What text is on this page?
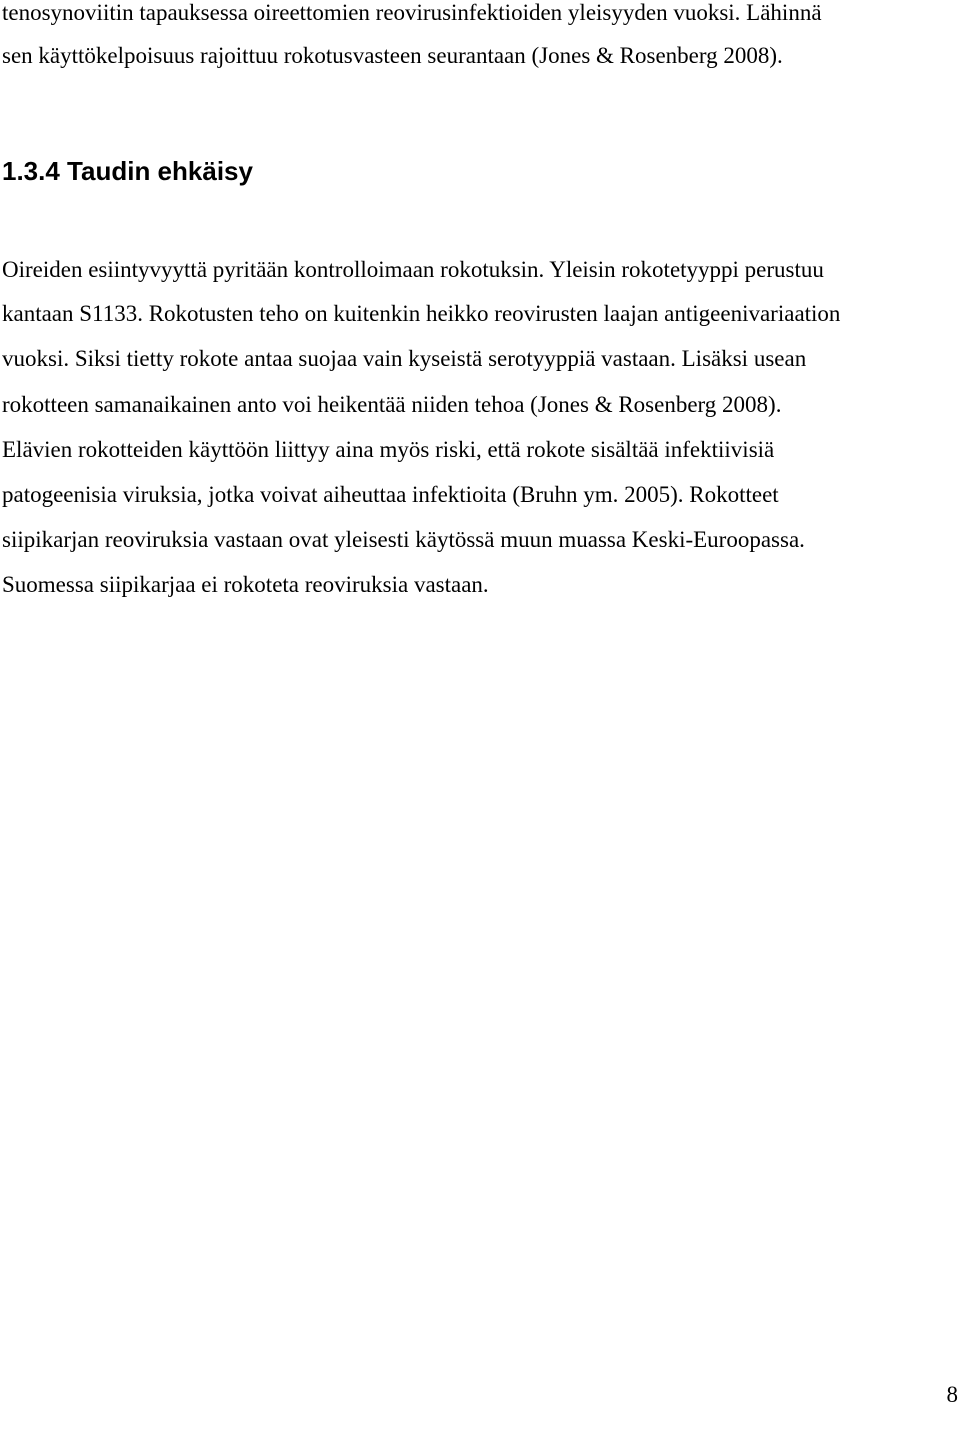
tenosynoviitin tapauksessa oireettomien reovirusinfektioiden yleisyyden vuoksi. Lähinnä
sen käyttökelpoisuus rajoittuu rokotusvasteen seurantaan (Jones & Rosenberg 2008).
1.3.4 Taudin ehkäisy
Oireiden esiintyvyyttä pyritään kontrolloimaan rokotuksin. Yleisin rokotetyyppi perustuu
kantaan S1133. Rokotusten teho on kuitenkin heikko reovirusten laajan antigeenivariaation
vuoksi. Siksi tietty rokote antaa suojaa vain kyseistä serotyyppiä vastaan. Lisäksi usean
rokotteen samanaikainen anto voi heikentää niiden tehoa (Jones & Rosenberg 2008).
Elävien rokotteiden käyttöön liittyy aina myös riski, että rokote sisältää infektiivisiä
patogeenisia viruksia, jotka voivat aiheuttaa infektioita (Bruhn ym. 2005). Rokotteet
siipikarjan reoviruksia vastaan ovat yleisesti käytössä muun muassa Keski-Euroopassa.
Suomessa siipikarjaa ei rokoteta reoviruksia vastaan.
8
